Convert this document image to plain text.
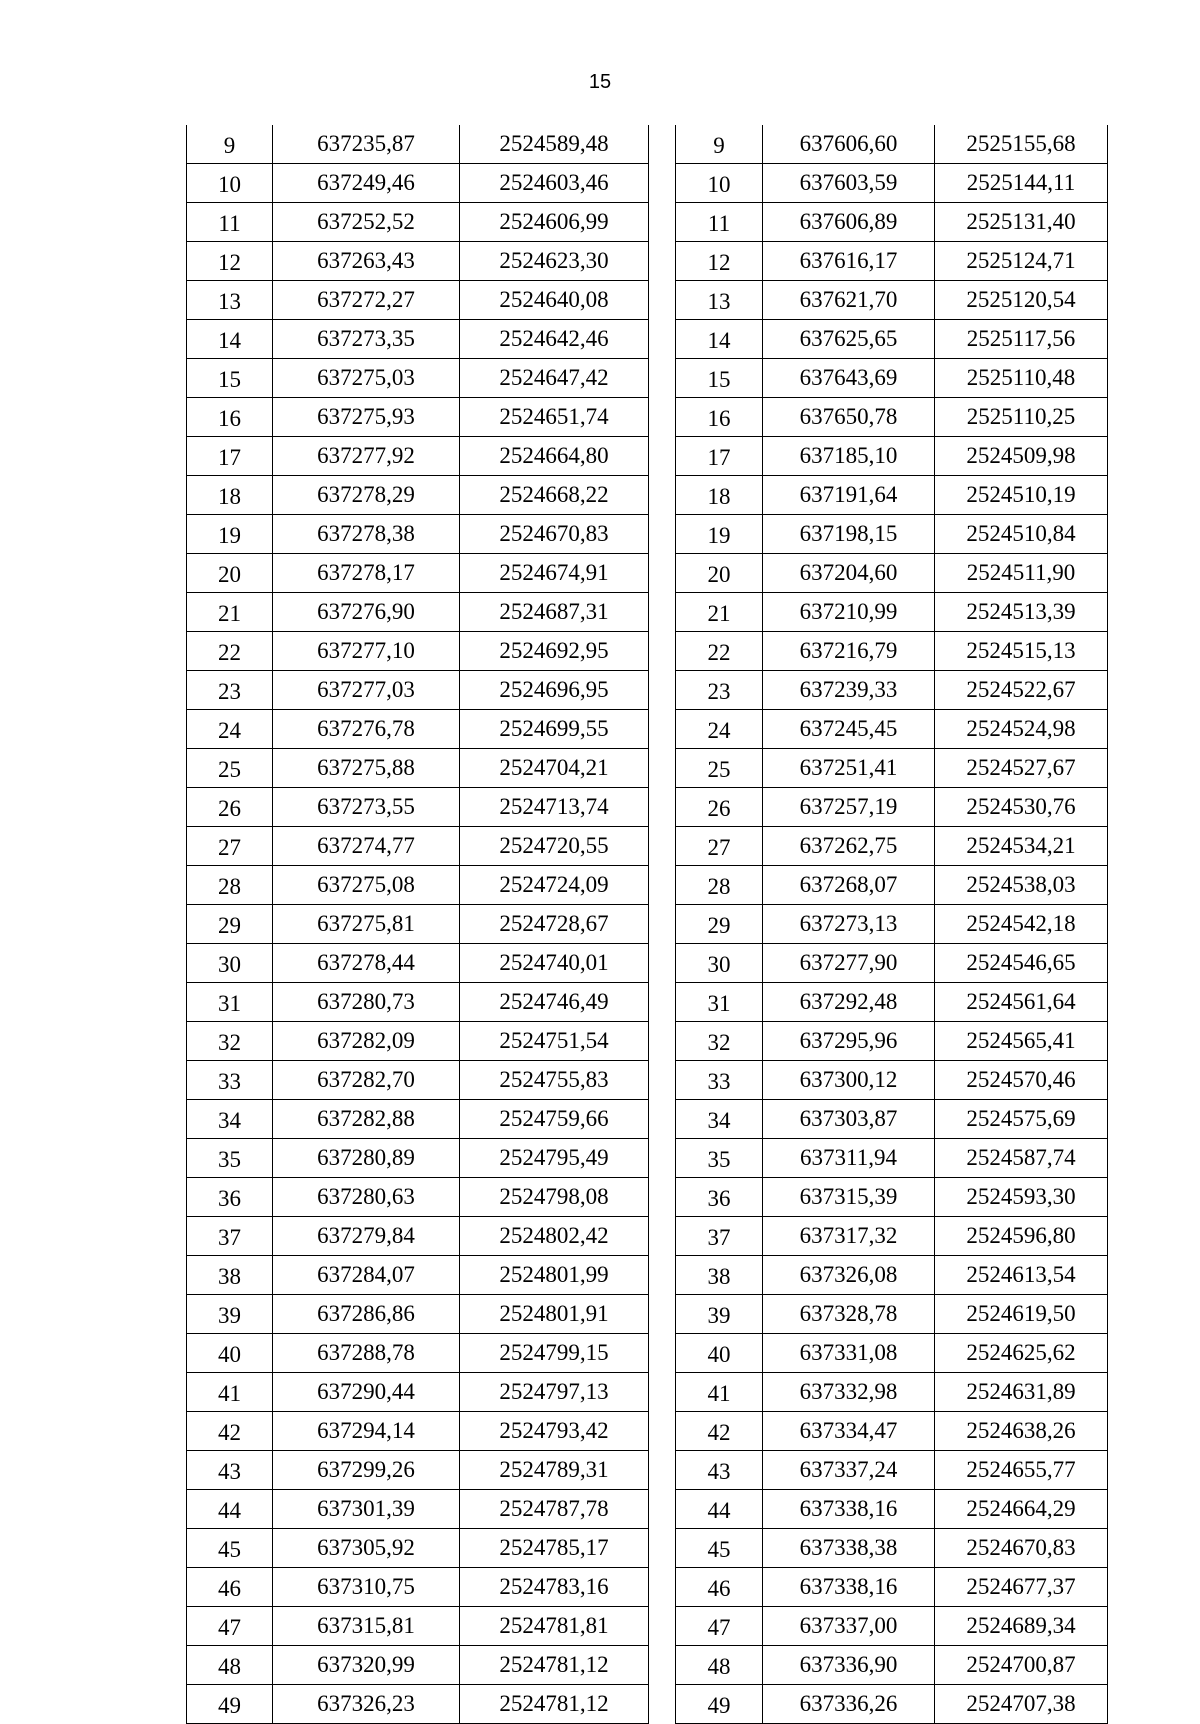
15
9	637235,87	2524589,48
10	637249,46	2524603,46
11	637252,52	2524606,99
12	637263,43	2524623,30
13	637272,27	2524640,08
14	637273,35	2524642,46
15	637275,03	2524647,42
16	637275,93	2524651,74
17	637277,92	2524664,80
18	637278,29	2524668,22
19	637278,38	2524670,83
20	637278,17	2524674,91
21	637276,90	2524687,31
22	637277,10	2524692,95
23	637277,03	2524696,95
24	637276,78	2524699,55
25	637275,88	2524704,21
26	637273,55	2524713,74
27	637274,77	2524720,55
28	637275,08	2524724,09
29	637275,81	2524728,67
30	637278,44	2524740,01
31	637280,73	2524746,49
32	637282,09	2524751,54
33	637282,70	2524755,83
34	637282,88	2524759,66
35	637280,89	2524795,49
36	637280,63	2524798,08
37	637279,84	2524802,42
38	637284,07	2524801,99
39	637286,86	2524801,91
40	637288,78	2524799,15
41	637290,44	2524797,13
42	637294,14	2524793,42
43	637299,26	2524789,31
44	637301,39	2524787,78
45	637305,92	2524785,17
46	637310,75	2524783,16
47	637315,81	2524781,81
48	637320,99	2524781,12
49	637326,23	2524781,12
9	637606,60	2525155,68
10	637603,59	2525144,11
11	637606,89	2525131,40
12	637616,17	2525124,71
13	637621,70	2525120,54
14	637625,65	2525117,56
15	637643,69	2525110,48
16	637650,78	2525110,25
17	637185,10	2524509,98
18	637191,64	2524510,19
19	637198,15	2524510,84
20	637204,60	2524511,90
21	637210,99	2524513,39
22	637216,79	2524515,13
23	637239,33	2524522,67
24	637245,45	2524524,98
25	637251,41	2524527,67
26	637257,19	2524530,76
27	637262,75	2524534,21
28	637268,07	2524538,03
29	637273,13	2524542,18
30	637277,90	2524546,65
31	637292,48	2524561,64
32	637295,96	2524565,41
33	637300,12	2524570,46
34	637303,87	2524575,69
35	637311,94	2524587,74
36	637315,39	2524593,30
37	637317,32	2524596,80
38	637326,08	2524613,54
39	637328,78	2524619,50
40	637331,08	2524625,62
41	637332,98	2524631,89
42	637334,47	2524638,26
43	637337,24	2524655,77
44	637338,16	2524664,29
45	637338,38	2524670,83
46	637338,16	2524677,37
47	637337,00	2524689,34
48	637336,90	2524700,87
49	637336,26	2524707,38
